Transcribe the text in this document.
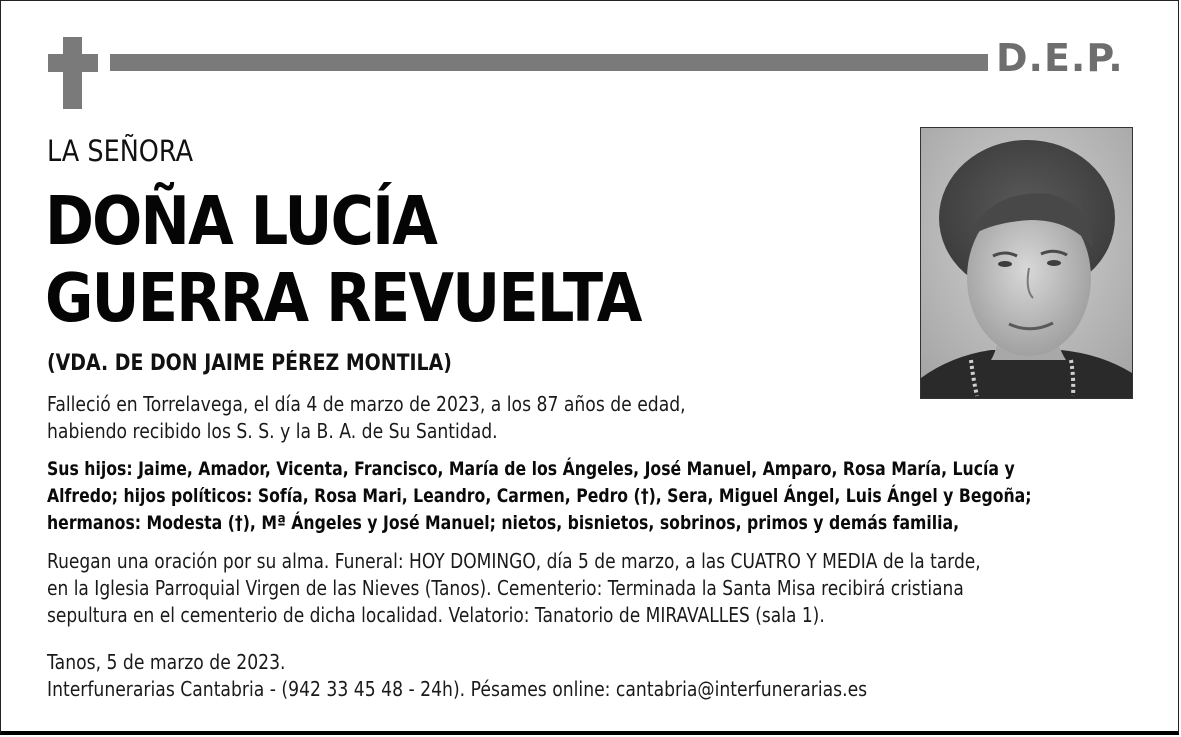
D.E.P.
LA SEÑORA
DOÑA LUCÍA
GUERRA REVUELTA
(VDA. DE DON JAIME PÉREZ MONTILA)
Falleció en Torrelavega, el día 4 de marzo de 2023, a los 87 años de edad,
habiendo recibido los S. S. y la B. A. de Su Santidad.
Sus hijos: Jaime, Amador, Vicenta, Francisco, María de los Ángeles, José Manuel, Amparo, Rosa María, Lucía y
Alfredo; hijos políticos: Sofía, Rosa Mari, Leandro, Carmen, Pedro (†), Sera, Miguel Ángel, Luis Ángel y Begoña;
hermanos: Modesta (†), Mª Ángeles y José Manuel; nietos, bisnietos, sobrinos, primos y demás familia,
Ruegan una oración por su alma. Funeral: HOY DOMINGO, día 5 de marzo, a las CUATRO Y MEDIA de la tarde,
en la Iglesia Parroquial Virgen de las Nieves (Tanos). Cementerio: Terminada la Santa Misa recibirá cristiana
sepultura en el cementerio de dicha localidad. Velatorio: Tanatorio de MIRAVALLES (sala 1).
Tanos, 5 de marzo de 2023.
Interfunerarias Cantabria - (942 33 45 48 - 24h). Pésames online: cantabria@interfunerarias.es
